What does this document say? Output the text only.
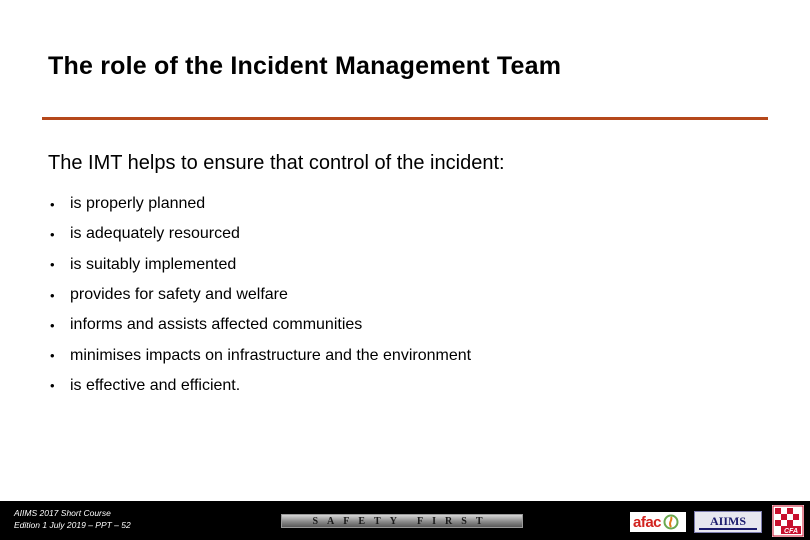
The role of the Incident Management Team
The IMT helps to ensure that control of the incident:
• is properly planned
• is adequately resourced
• is suitably implemented
• provides for safety and welfare
• informs and assists affected communities
• minimises impacts on infrastructure and the environment
• is effective and efficient.
AIIMS 2017 Short Course
Edition 1 July 2019 – PPT – 52	SAFETY FIRST	afac	AIIMS
CFA
